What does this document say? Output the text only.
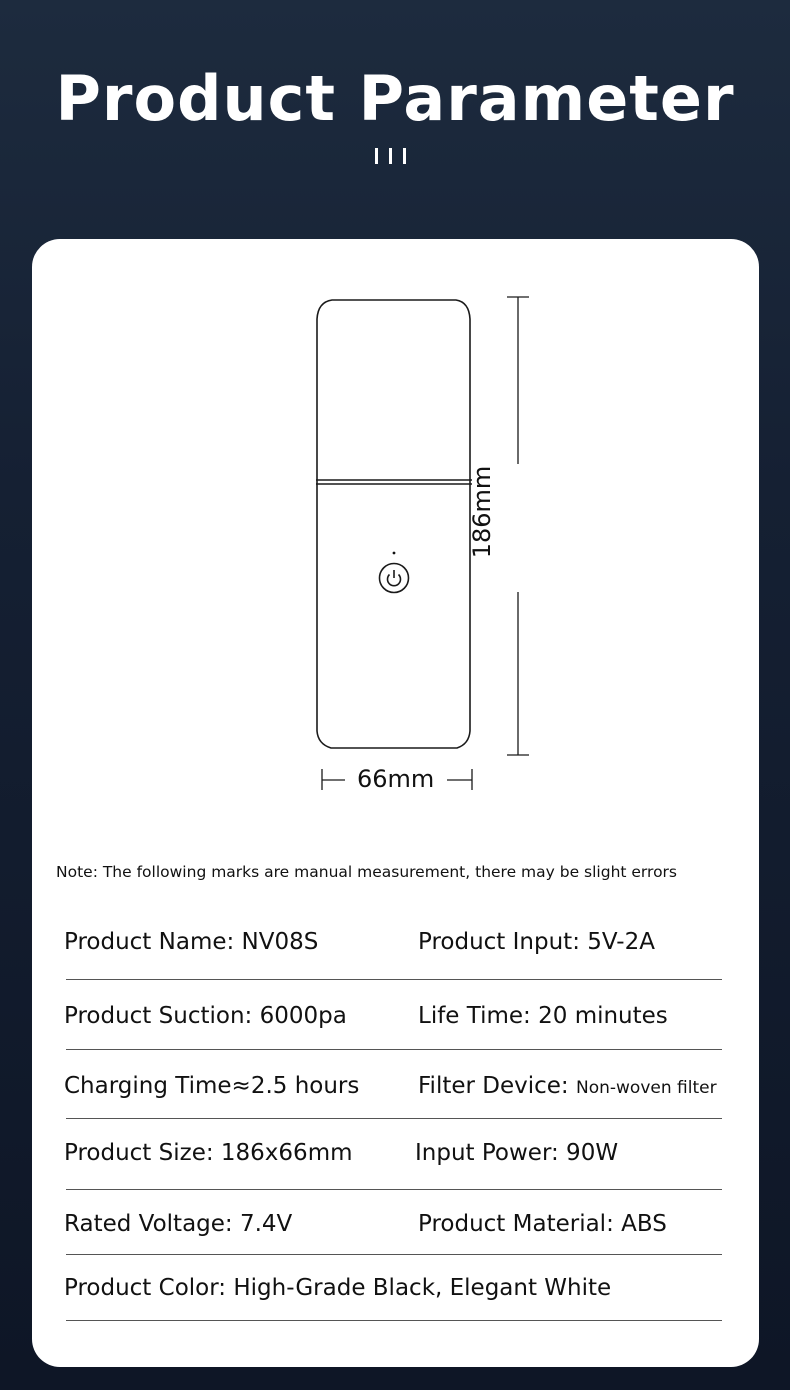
Product Parameter
186mm
66mm
Note: The following marks are manual measurement, there may be slight errors
Product Name: NV08S	Product Input: 5V-2A
Product Suction: 6000pa	Life Time: 20 minutes
Charging Time≈2.5 hours	Filter Device: Non-woven filter
Product Size: 186x66mm	Input Power: 90W
Rated Voltage: 7.4V	Product Material: ABS
Product Color: High-Grade Black, Elegant White
